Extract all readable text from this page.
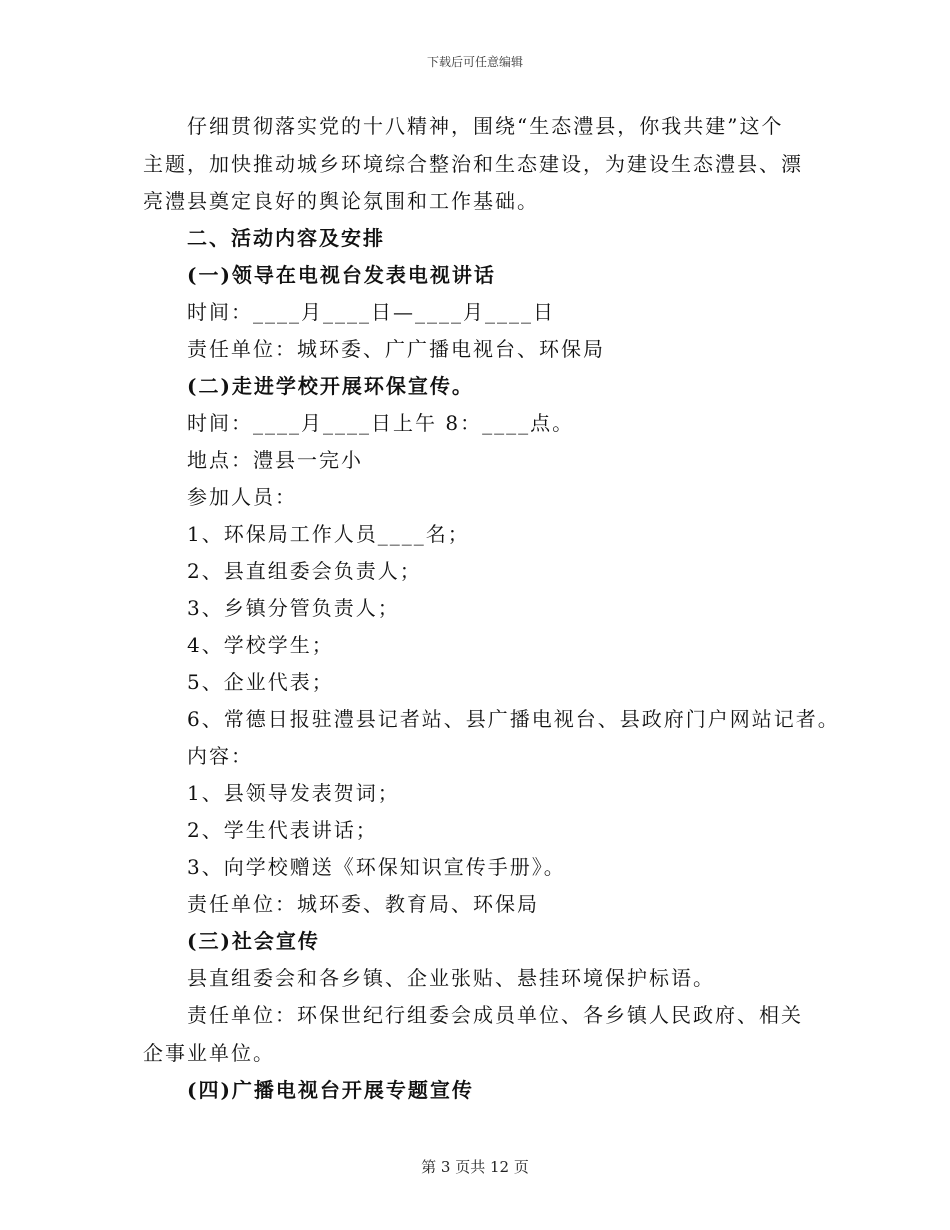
下载后可任意编辑
仔细贯彻落实党的十八精神，围绕“生态澧县，你我共建”这个
主题，加快推动城乡环境综合整治和生态建设，为建设生态澧县、漂
亮澧县奠定良好的舆论氛围和工作基础。
二、活动内容及安排
(一)领导在电视台发表电视讲话
时间：____月____日—____月____日
责任单位：城环委、广广播电视台、环保局
(二)走进学校开展环保宣传。
时间：____月____日上午 8：____点。
地点：澧县一完小
参加人员：
1、环保局工作人员____名；
2、县直组委会负责人；
3、乡镇分管负责人；
4、学校学生；
5、企业代表；
6、常德日报驻澧县记者站、县广播电视台、县政府门户网站记者。
内容：
1、县领导发表贺词；
2、学生代表讲话；
3、向学校赠送《环保知识宣传手册》。
责任单位：城环委、教育局、环保局
(三)社会宣传
县直组委会和各乡镇、企业张贴、悬挂环境保护标语。
责任单位：环保世纪行组委会成员单位、各乡镇人民政府、相关
企事业单位。
(四)广播电视台开展专题宣传
第 3 页共 12 页
